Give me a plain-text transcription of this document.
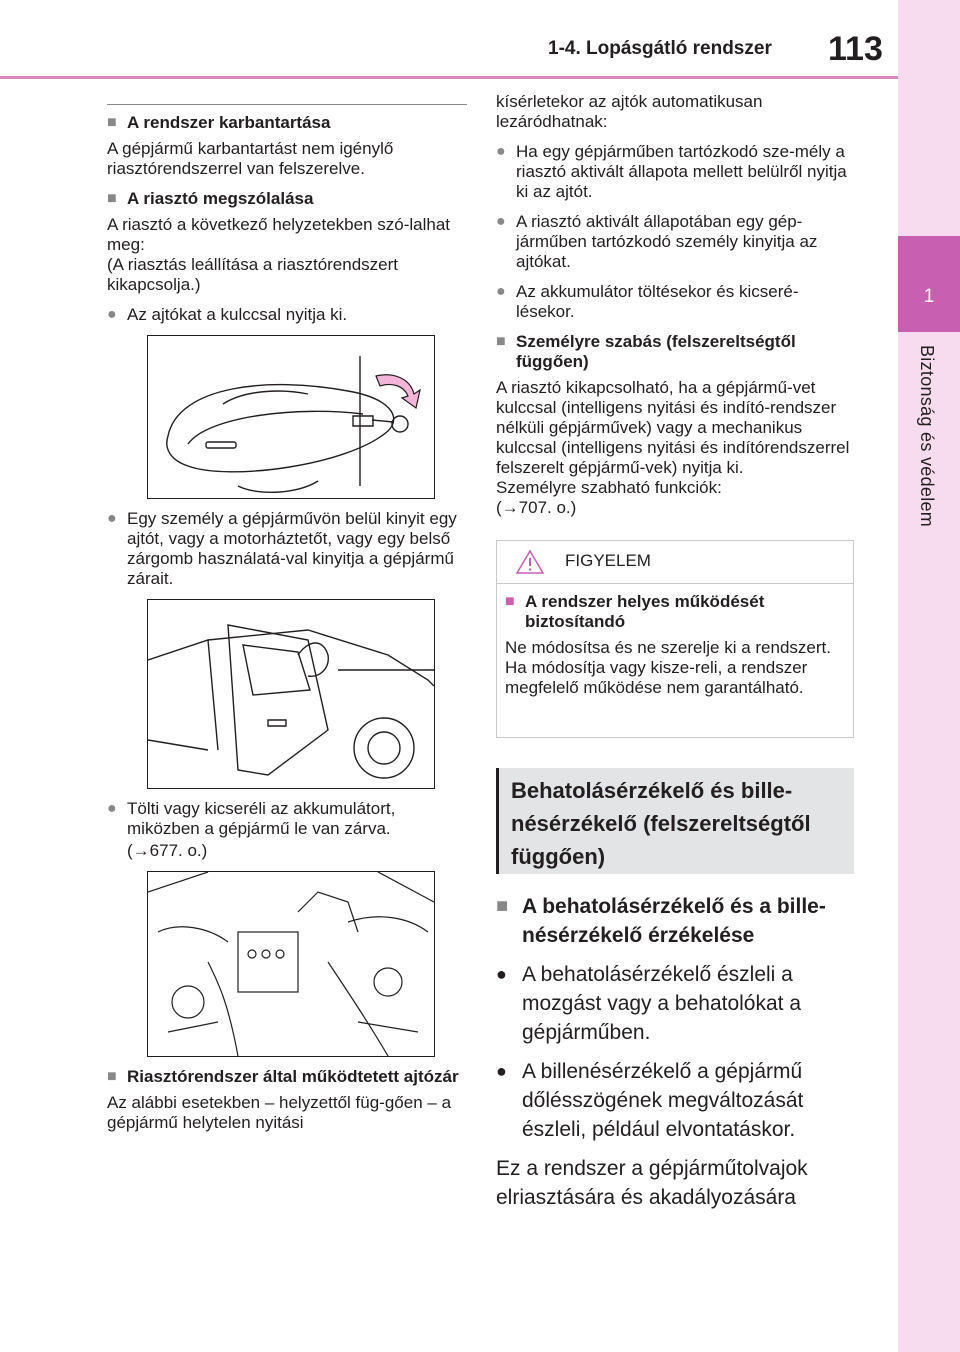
1-4. Lopásgátló rendszer 113
1
Biztonság és védelem
■ A rendszer karbantartása

A gépjármű karbantartást nem igénylő riasztórendszerrel van felszerelve.

■ A riasztó megszólalása

A riasztó a következő helyzetekben szó-lalhat meg:

(A riasztás leállítása a riasztórendszert kikapcsolja.)

● Az ajtókat a kulccsal nyitja ki.
● Egy személy a gépjárművön belül kinyit egy ajtót, vagy a motorháztetőt, vagy egy belső zárgomb használatá-val kinyitja a gépjármű zárait.
● Tölti vagy kicseréli az akkumulátort, miközben a gépjármű le van zárva.

(→677. o.)

■ Riasztórendszer által működtetett ajtózár

Az alábbi esetekben – helyzettől füg-gően – a gépjármű helytelen nyitási

kísérletekor az ajtók automatikusan lezáródhatnak:

● Ha egy gépjárműben tartózkodó sze-mély a riasztó aktivált állapota mellett belülről nyitja ki az ajtót.
● A riasztó aktivált állapotában egy gép-járműben tartózkodó személy kinyitja az ajtókat.
● Az akkumulátor töltésekor és kicseré-lésekor.
■ Személyre szabás (felszereltségtől függően)

A riasztó kikapcsolható, ha a gépjármű-vet kulccsal (intelligens nyitási és indító-rendszer nélküli gépjárművek) vagy a mechanikus kulccsal (intelligens nyitási és indítórendszerrel felszerelt gépjármű-vek) nyitja ki.

Személyre szabható funkciók:

(→707. o.)

FIGYELEM
■ A rendszer helyes működését biztosítandó

Ne módosítsa és ne szerelje ki a rendszert. Ha módosítja vagy kisze-reli, a rendszer megfelelő működése nem garantálható.

Behatolásérzékelő és bille-nésérzékelő (felszereltségtől függően)
■ A behatolásérzékelő és a bille-nésérzékelő érzékelése
● A behatolásérzékelő észleli a mozgást vagy a behatolókat a gépjárműben.
● A billenésérzékelő a gépjármű dőlésszögének megváltozását észleli, például elvontatáskor.

Ez a rendszer a gépjárműtolvajok elriasztására és akadályozására
